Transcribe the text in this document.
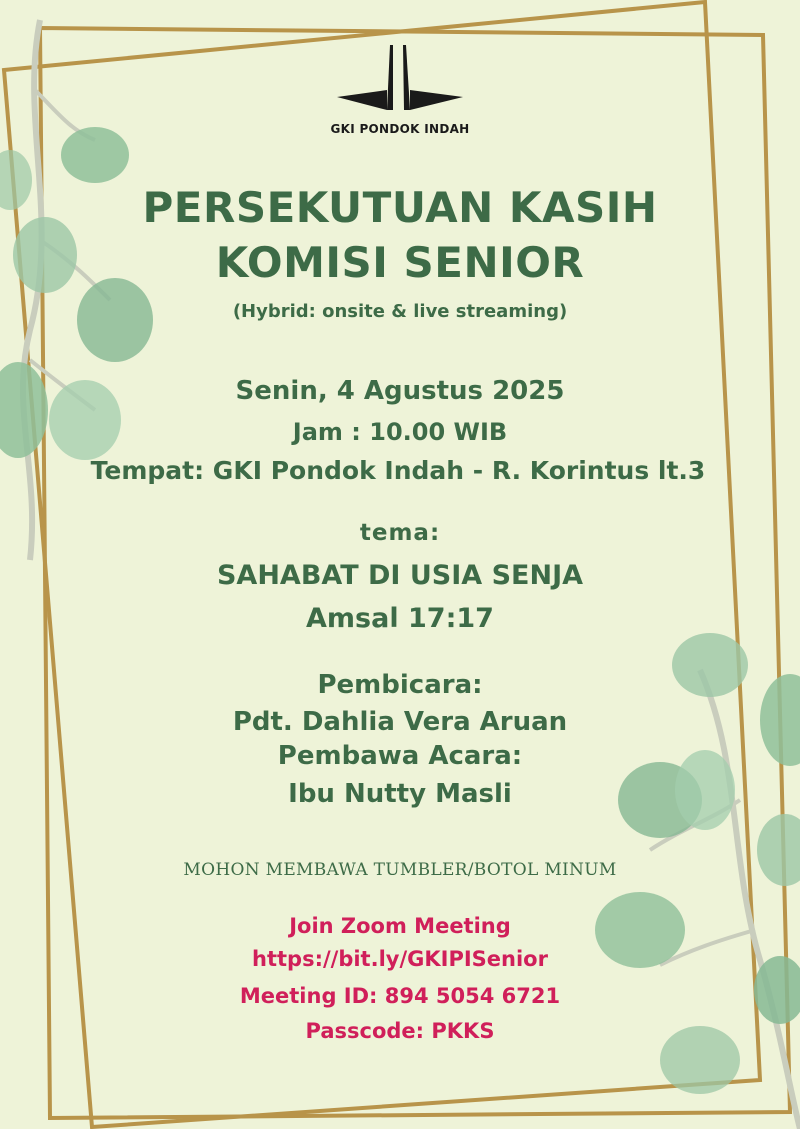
GKI PONDOK INDAH
PERSEKUTUAN KASIH
KOMISI SENIOR
(Hybrid: onsite & live streaming)
Senin, 4 Agustus 2025
Jam : 10.00 WIB
Tempat: GKI Pondok Indah - R. Korintus lt.3
tema:
SAHABAT DI USIA SENJA
Amsal 17:17
Pembicara:
Pdt. Dahlia Vera Aruan
Pembawa Acara:
Ibu Nutty Masli
MOHON MEMBAWA TUMBLER/BOTOL MINUM
Join Zoom Meeting
https://bit.ly/GKIPISenior
Meeting ID: 894 5054 6721
Passcode: PKKS
